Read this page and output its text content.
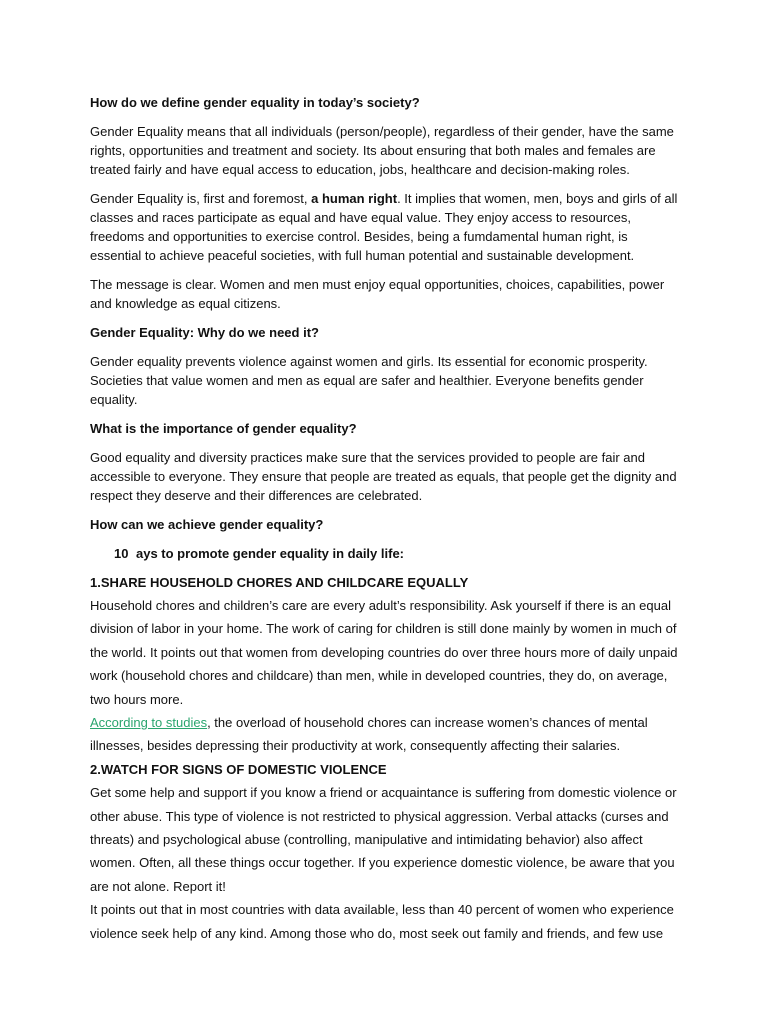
How do we define gender equality in today’s society?
Gender Equality means that all individuals (person/people), regardless of their gender, have the same rights, opportunities and treatment and society. Its about ensuring that both males and females are treated fairly and have equal access to education, jobs, healthcare and decision-making roles.
Gender Equality is, first and foremost, a human right. It implies that women, men, boys and girls of all classes and races participate as equal and have equal value. They enjoy access to resources, freedoms and opportunities to exercise control. Besides, being a fumdamental human right, is essential to achieve peaceful societies, with full human potential and sustainable development.
The message is clear. Women and men must enjoy equal opportunities, choices, capabilities, power and knowledge as equal citizens.
Gender Equality: Why do we need it?
Gender equality prevents violence against women and girls. Its essential for economic prosperity. Societies that value women and men as equal are safer and healthier. Everyone benefits gender equality.
What is the importance of gender equality?
Good equality and diversity practices make sure that the services provided to people are fair and accessible to everyone. They ensure that people are treated as equals, that people get the dignity and respect they deserve and their differences are celebrated.
How can we achieve gender equality?
10 ays to promote gender equality in daily life:
1.SHARE HOUSEHOLD CHORES AND CHILDCARE EQUALLY
Household chores and children’s care are every adult’s responsibility. Ask yourself if there is an equal division of labor in your home. The work of caring for children is still done mainly by women in much of the world. It points out that women from developing countries do over three hours more of daily unpaid work (household chores and childcare) than men, while in developed countries, they do, on average, two hours more.
According to studies, the overload of household chores can increase women’s chances of mental illnesses, besides depressing their productivity at work, consequently affecting their salaries.
2.WATCH FOR SIGNS OF DOMESTIC VIOLENCE
Get some help and support if you know a friend or acquaintance is suffering from domestic violence or other abuse. This type of violence is not restricted to physical aggression. Verbal attacks (curses and threats) and psychological abuse (controlling, manipulative and intimidating behavior) also affect women. Often, all these things occur together. If you experience domestic violence, be aware that you are not alone. Report it!
It points out that in most countries with data available, less than 40 percent of women who experience violence seek help of any kind. Among those who do, most seek out family and friends, and few use
